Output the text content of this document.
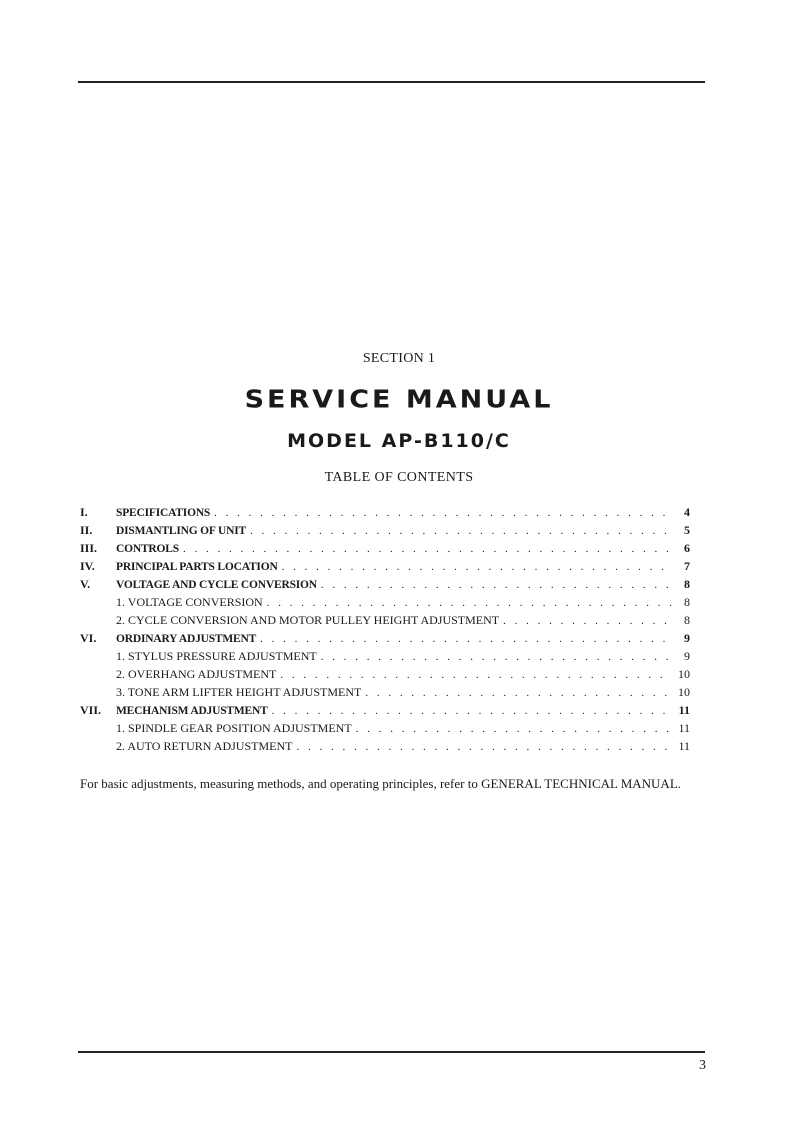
SECTION 1
SERVICE MANUAL
MODEL AP-B110/C
TABLE OF CONTENTS
I.	SPECIFICATIONS . . .	4
II.	DISMANTLING OF UNIT . . .	5
III.	CONTROLS . . .	6
IV.	PRINCIPAL PARTS LOCATION . . .	7
V.	VOLTAGE AND CYCLE CONVERSION . . .	8
1. VOLTAGE CONVERSION . . .	8
2. CYCLE CONVERSION AND MOTOR PULLEY HEIGHT ADJUSTMENT . . .	8
VI.	ORDINARY ADJUSTMENT . . .	9
1. STYLUS PRESSURE ADJUSTMENT . . .	9
2. OVERHANG ADJUSTMENT . . .	10
3. TONE ARM LIFTER HEIGHT ADJUSTMENT . . .	10
VII.	MECHANISM ADJUSTMENT . . .	11
1. SPINDLE GEAR POSITION ADJUSTMENT . . .	11
2. AUTO RETURN ADJUSTMENT . . .	11
For basic adjustments, measuring methods, and operating principles, refer to GENERAL TECHNICAL MANUAL.
3
